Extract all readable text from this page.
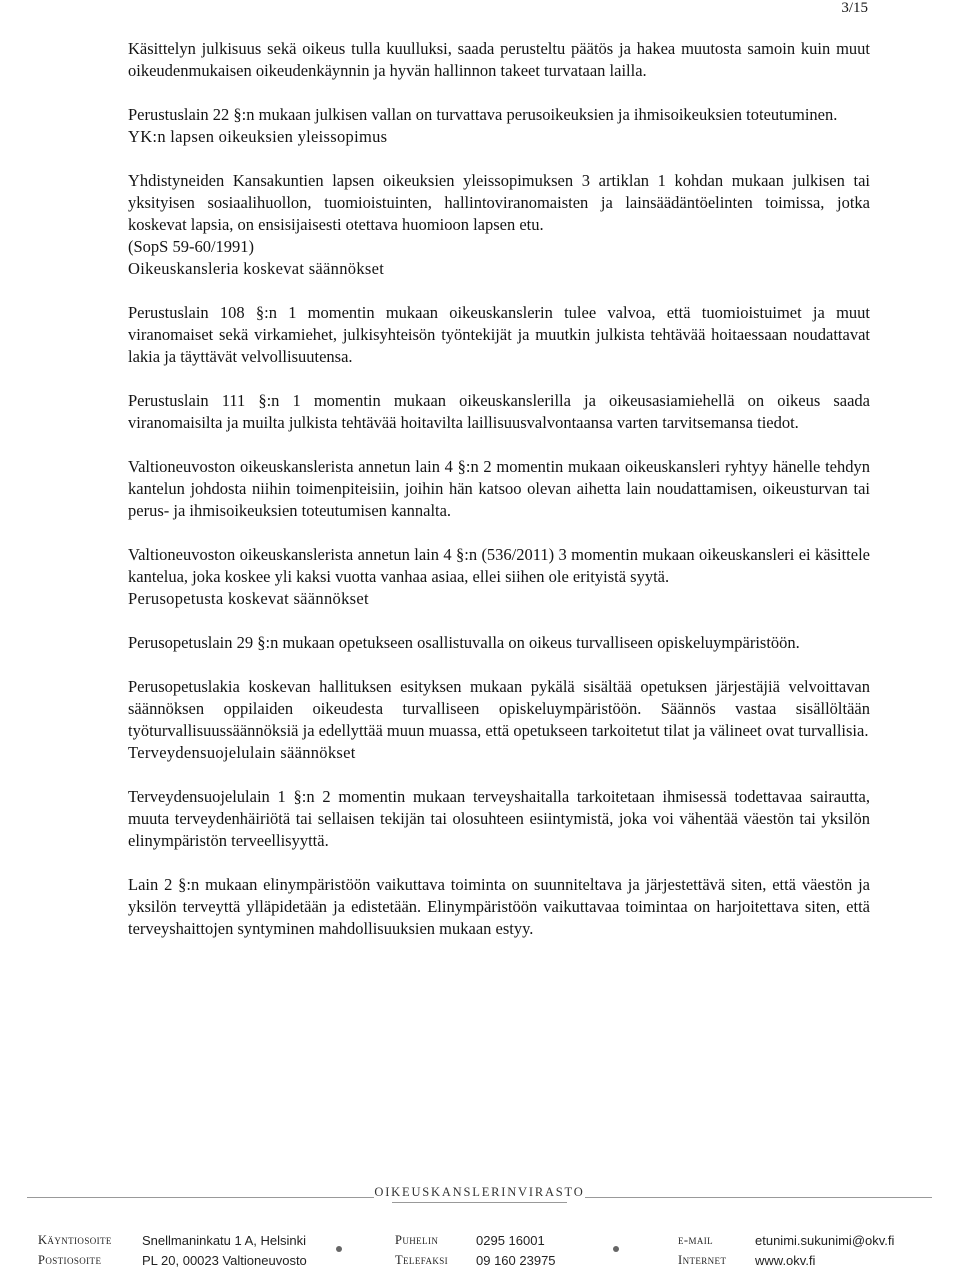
3/15

Käsittelyn julkisuus sekä oikeus tulla kuulluksi, saada perusteltu päätös ja hakea muutosta samoin kuin muut oikeudenmukaisen oikeudenkäynnin ja hyvän hallinnon takeet turvataan lailla.

Perustuslain 22 §:n mukaan julkisen vallan on turvattava perusoikeuksien ja ihmisoikeuksien toteutuminen.

YK:n lapsen oikeuksien yleissopimus

Yhdistyneiden Kansakuntien lapsen oikeuksien yleissopimuksen 3 artiklan 1 kohdan mukaan julkisen tai yksityisen sosiaalihuollon, tuomioistuinten, hallintoviranomaisten ja lainsäädäntöelinten toimissa, jotka koskevat lapsia, on ensisijaisesti otettava huomioon lapsen etu.

(SopS 59-60/1991)

Oikeuskansleria koskevat säännökset

Perustuslain 108 §:n 1 momentin mukaan oikeuskanslerin tulee valvoa, että tuomioistuimet ja muut viranomaiset sekä virkamiehet, julkisyhteisön työntekijät ja muutkin julkista tehtävää hoitaessaan noudattavat lakia ja täyttävät velvollisuutensa.

Perustuslain 111 §:n 1 momentin mukaan oikeuskanslerilla ja oikeusasiamiehellä on oikeus saada viranomaisilta ja muilta julkista tehtävää hoitavilta laillisuusvalvontaansa varten tarvitsemansa tiedot.

Valtioneuvoston oikeuskanslerista annetun lain 4 §:n 2 momentin mukaan oikeuskansleri ryhtyy hänelle tehdyn kantelun johdosta niihin toimenpiteisiin, joihin hän katsoo olevan aihetta lain noudattamisen, oikeusturvan tai perus- ja ihmisoikeuksien toteutumisen kannalta.

Valtioneuvoston oikeuskanslerista annetun lain 4 §:n (536/2011) 3 momentin mukaan oikeuskansleri ei käsittele kantelua, joka koskee yli kaksi vuotta vanhaa asiaa, ellei siihen ole erityistä syytä.

Perusopetusta koskevat säännökset

Perusopetuslain 29 §:n mukaan opetukseen osallistuvalla on oikeus turvalliseen opiskeluympäristöön.

Perusopetuslakia koskevan hallituksen esityksen mukaan pykälä sisältää opetuksen järjestäjiä velvoittavan säännöksen oppilaiden oikeudesta turvalliseen opiskeluympäristöön. Säännös vastaa sisällöltään työturvallisuussäännöksiä ja edellyttää muun muassa, että opetukseen tarkoitetut tilat ja välineet ovat turvallisia.

Terveydensuojelulain säännökset

Terveydensuojelulain 1 §:n 2 momentin mukaan terveyshaitalla tarkoitetaan ihmisessä todettavaa sairautta, muuta terveydenhäiriötä tai sellaisen tekijän tai olosuhteen esiintymistä, joka voi vähentää väestön tai yksilön elinympäristön terveellisyyttä.

Lain 2 §:n mukaan elinympäristöön vaikuttava toiminta on suunniteltava ja järjestettävä siten, että väestön ja yksilön terveyttä ylläpidetään ja edistetään. Elinympäristöön vaikuttavaa toimintaa on harjoitettava siten, että terveyshaittojen syntyminen mahdollisuuksien mukaan estyy.

OIKEUSKANSLERINVIRASTO
Käyntiosoite Snellmaninkatu 1 A, Helsinki	Puhelin	0295 16001	e-mail	etunimi.sukunimi@okv.fi
Postiosoite	PL 20, 00023 Valtioneuvosto	Telefaksi 09 160 23975	Internet www.okv.fi
